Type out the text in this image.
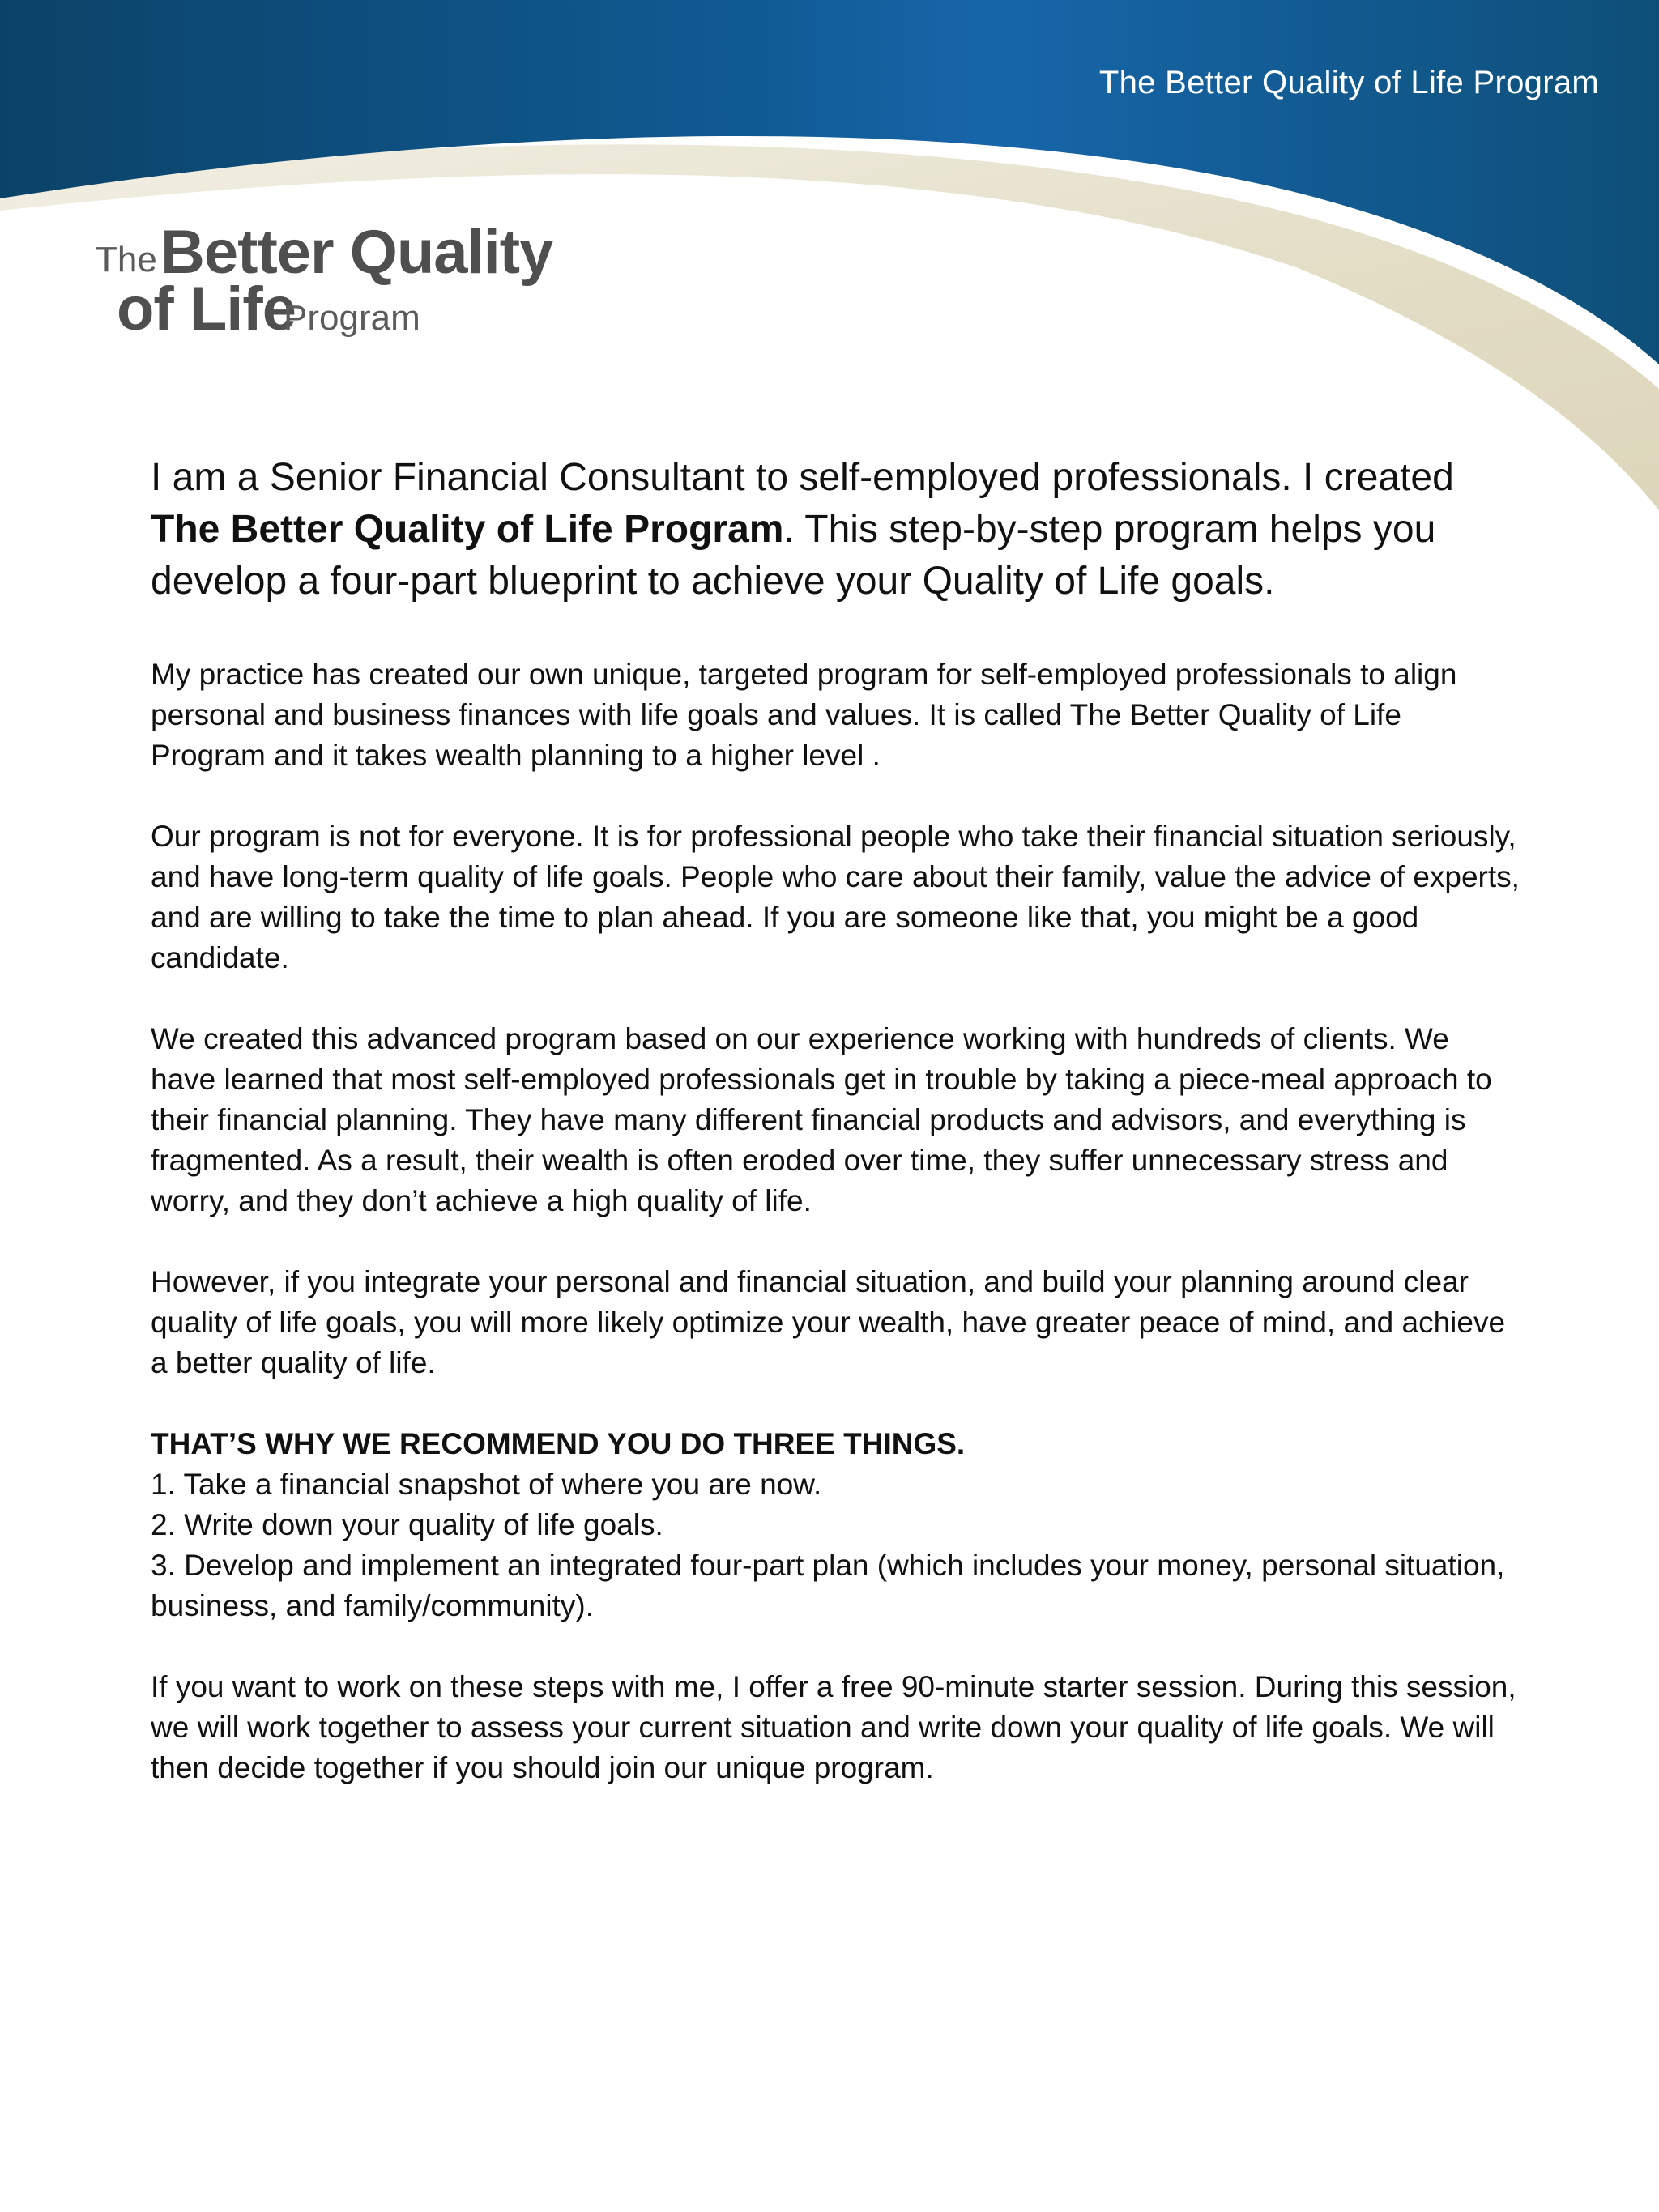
The Better Quality of Life Program
The Better Quality
of Life
Program

I am a Senior Financial Consultant to self-employed professionals. I created The Better Quality of Life Program. This step-by-step program helps you develop a four-part blueprint to achieve your Quality of Life goals.

My practice has created our own unique, targeted program for self-employed professionals to align personal and business finances with life goals and values. It is called The Better Quality of Life Program and it takes wealth planning to a higher level .

Our program is not for everyone. It is for professional people who take their financial situation seriously, and have long-term quality of life goals. People who care about their family, value the advice of experts, and are willing to take the time to plan ahead. If you are someone like that, you might be a good candidate.

We created this advanced program based on our experience working with hundreds of clients. We have learned that most self-employed professionals get in trouble by taking a piece-meal approach to their financial planning. They have many different financial products and advisors, and everything is fragmented. As a result, their wealth is often eroded over time, they suffer unnecessary stress and worry, and they don’t achieve a high quality of life.

However, if you integrate your personal and financial situation, and build your planning around clear quality of life goals, you will more likely optimize your wealth, have greater peace of mind, and achieve a better quality of life.

THAT’S WHY WE RECOMMEND YOU DO THREE THINGS.
1. Take a financial snapshot of where you are now.
2. Write down your quality of life goals.
3. Develop and implement an integrated four-part plan (which includes your money, personal situation, business, and family/community).

If you want to work on these steps with me, I offer a free 90-minute starter session. During this session, we will work together to assess your current situation and write down your quality of life goals. We will then decide together if you should join our unique program.
